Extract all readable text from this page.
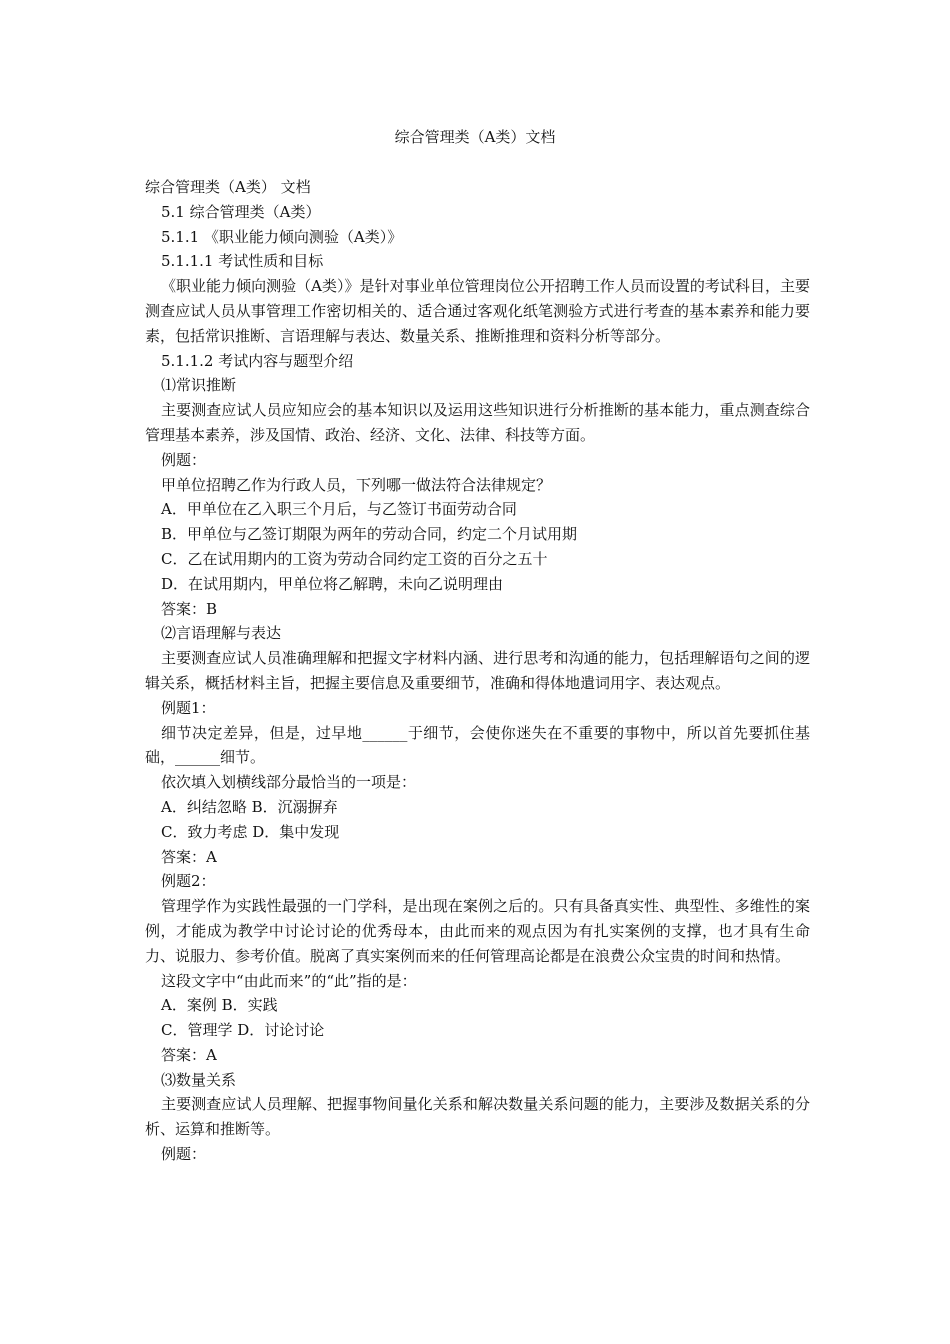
综合管理类（A类）文档
综合管理类（A类） 文档
5.1 综合管理类（A类）
5.1.1 《职业能力倾向测验（A类）》
5.1.1.1 考试性质和目标
《职业能力倾向测验（A类）》是针对事业单位管理岗位公开招聘工作人员而设置的考试科目，主要测查应试人员从事管理工作密切相关的、适合通过客观化纸笔测验方式进行考查的基本素养和能力要素，包括常识推断、言语理解与表达、数量关系、推断推理和资料分析等部分。
5.1.1.2 考试内容与题型介绍
⑴常识推断
主要测查应试人员应知应会的基本知识以及运用这些知识进行分析推断的基本能力，重点测查综合管理基本素养，涉及国情、政治、经济、文化、法律、科技等方面。
例题：
甲单位招聘乙作为行政人员，下列哪一做法符合法律规定？
A．甲单位在乙入职三个月后，与乙签订书面劳动合同
B．甲单位与乙签订期限为两年的劳动合同，约定二个月试用期
C．乙在试用期内的工资为劳动合同约定工资的百分之五十
D．在试用期内，甲单位将乙解聘，未向乙说明理由
答案：B
⑵言语理解与表达
主要测查应试人员准确理解和把握文字材料内涵、进行思考和沟通的能力，包括理解语句之间的逻辑关系，概括材料主旨，把握主要信息及重要细节，准确和得体地遣词用字、表达观点。
例题1：
细节决定差异，但是，过早地______于细节，会使你迷失在不重要的事物中，所以首先要抓住基础，______细节。
依次填入划横线部分最恰当的一项是：
A．纠结忽略 B．沉溺摒弃
C．致力考虑 D．集中发现
答案：A
例题2：
管理学作为实践性最强的一门学科，是出现在案例之后的。只有具备真实性、典型性、多维性的案例，才能成为教学中讨论讨论的优秀母本，由此而来的观点因为有扎实案例的支撑，也才具有生命力、说服力、参考价值。脱离了真实案例而来的任何管理高论都是在浪费公众宝贵的时间和热情。
这段文字中“由此而来”的“此”指的是：
A．案例 B．实践
C．管理学 D．讨论讨论
答案：A
⑶数量关系
主要测查应试人员理解、把握事物间量化关系和解决数量关系问题的能力，主要涉及数据关系的分析、运算和推断等。
例题：
